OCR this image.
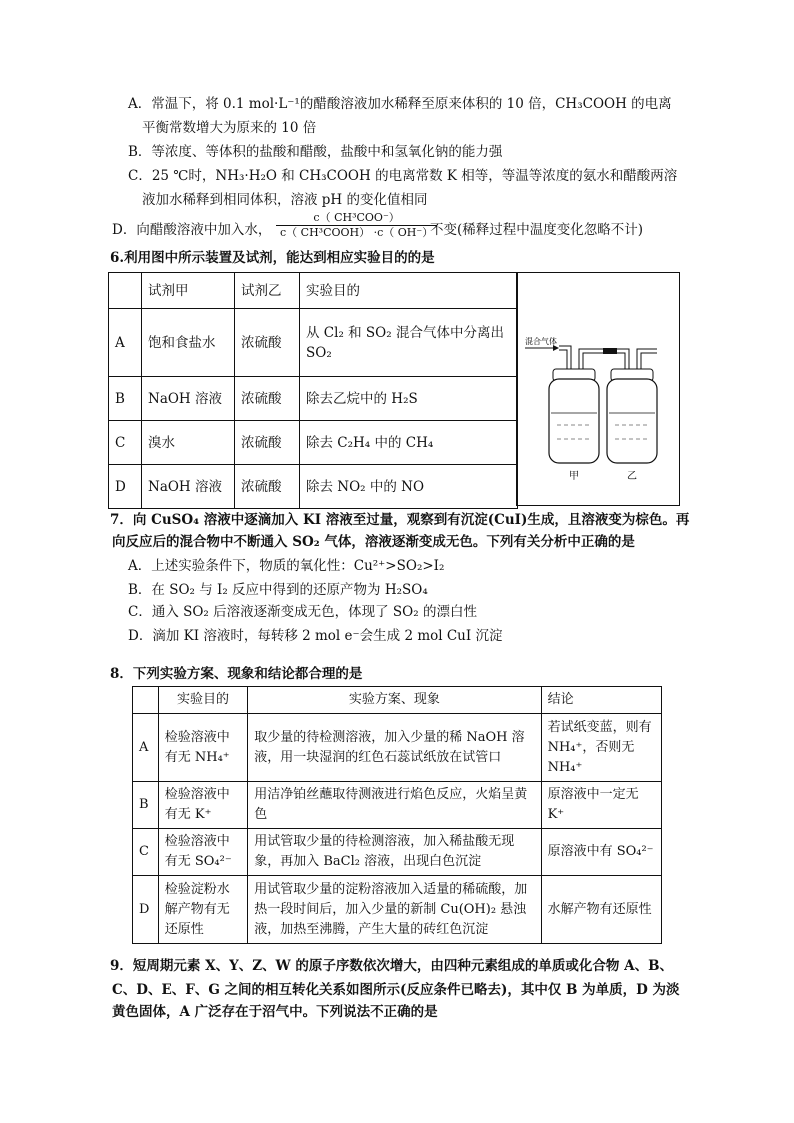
A．常温下，将 0.1 mol·L⁻¹的醋酸溶液加水稀释至原来体积的 10 倍，CH₃COOH 的电离
平衡常数增大为原来的 10 倍
B．等浓度、等体积的盐酸和醋酸，盐酸中和氢氧化钠的能力强
C．25 ℃时，NH₃·H₂O 和 CH₃COOH 的电离常数 K 相等，等温等浓度的氨水和醋酸两溶
液加水稀释到相同体积，溶液 pH 的变化值相同
D．向醋酸溶液中加入水，
c（ CH³COO⁻）
c（ CH³COOH） ·c（ OH⁻）
不变(稀释过程中温度变化忽略不计)
6.利用图中所示装置及试剂，能达到相应实验目的的是
	试剂甲	试剂乙	实验目的
A	饱和食盐水	浓硫酸	从 Cl₂ 和 SO₂ 混合气体中分离出 SO₂
B	NaOH 溶液	浓硫酸	除去乙烷中的 H₂S
C	溴水	浓硫酸	除去 C₂H₄ 中的 CH₄
D	NaOH 溶液	浓硫酸	除去 NO₂ 中的 NO
混合气体
甲	乙
7．向 CuSO₄ 溶液中逐滴加入 KI 溶液至过量，观察到有沉淀(CuI)生成，且溶液变为棕色。再
向反应后的混合物中不断通入 SO₂ 气体，溶液逐渐变成无色。下列有关分析中正确的是
A．上述实验条件下，物质的氧化性：Cu²⁺>SO₂>I₂
B．在 SO₂ 与 I₂ 反应中得到的还原产物为 H₂SO₄
C．通入 SO₂ 后溶液逐渐变成无色，体现了 SO₂ 的漂白性
D．滴加 KI 溶液时，每转移 2 mol e⁻会生成 2 mol CuI 沉淀
8．下列实验方案、现象和结论都合理的是
	实验目的	实验方案、现象	结论
A	检验溶液中有无 NH₄⁺	取少量的待检测溶液，加入少量的稀 NaOH 溶液，用一块湿润的红色石蕊试纸放在试管口	若试纸变蓝，则有 NH₄⁺，否则无 NH₄⁺
B	检验溶液中有无 K⁺	用洁净铂丝蘸取待测液进行焰色反应，火焰呈黄色	原溶液中一定无 K⁺
C	检验溶液中有无 SO₄²⁻	用试管取少量的待检测溶液，加入稀盐酸无现象，再加入 BaCl₂ 溶液，出现白色沉淀	原溶液中有 SO₄²⁻
D	检验淀粉水解产物有无还原性	用试管取少量的淀粉溶液加入适量的稀硫酸，加热一段时间后，加入少量的新制 Cu(OH)₂ 悬浊液，加热至沸腾，产生大量的砖红色沉淀	水解产物有还原性
9．短周期元素 X、Y、Z、W 的原子序数依次增大，由四种元素组成的单质或化合物 A、B、
C、D、E、F、G 之间的相互转化关系如图所示(反应条件已略去)，其中仅 B 为单质，D 为淡
黄色固体，A 广泛存在于沼气中。下列说法不正确的是
